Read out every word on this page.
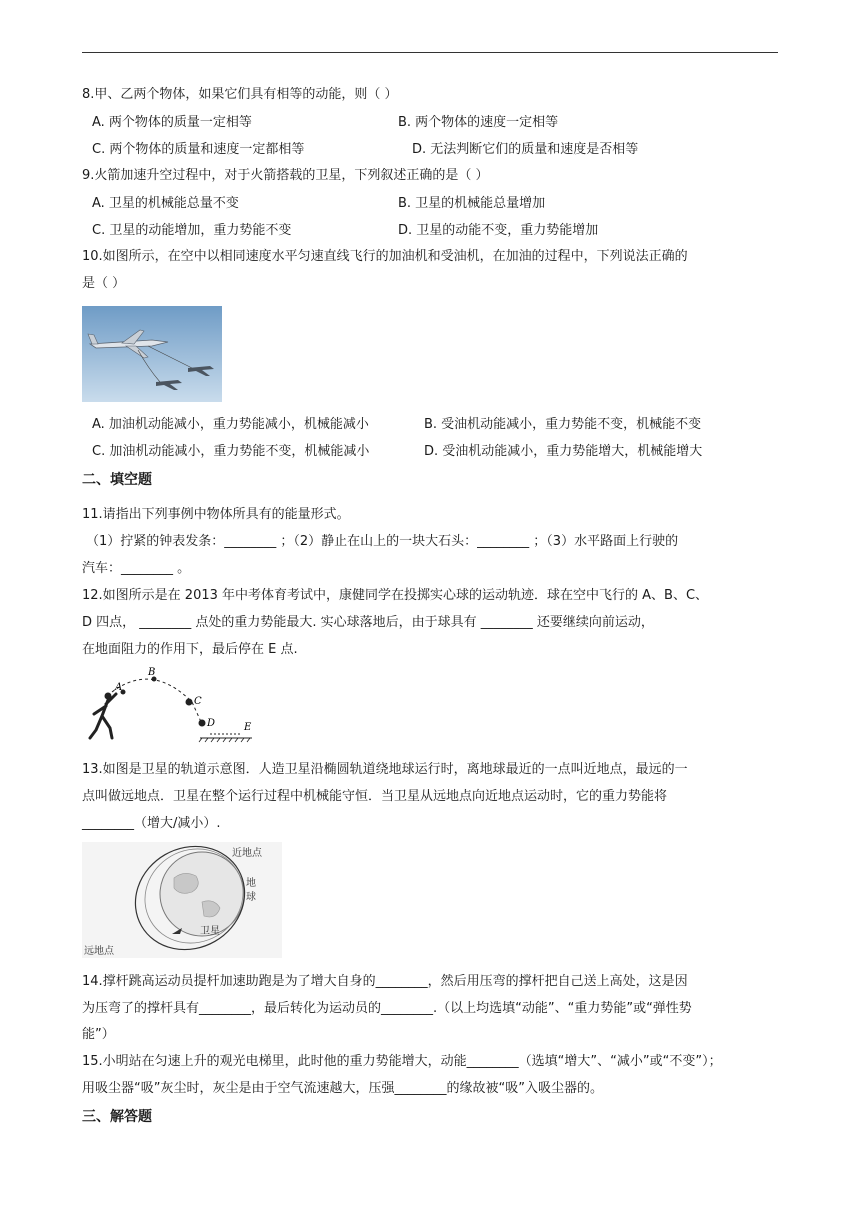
8.甲、乙两个物体，如果它们具有相等的动能，则（ ）
A. 两个物体的质量一定相等	B. 两个物体的速度一定相等
C. 两个物体的质量和速度一定都相等	D. 无法判断它们的质量和速度是否相等
9.火箭加速升空过程中，对于火箭搭载的卫星，下列叙述正确的是（ ）
A. 卫星的机械能总量不变	B. 卫星的机械能总量增加
C. 卫星的动能增加，重力势能不变	D. 卫星的动能不变，重力势能增加
10.如图所示，在空中以相同速度水平匀速直线飞行的加油机和受油机，在加油的过程中，下列说法正确的
是（ ）
A. 加油机动能减小，重力势能减小，机械能减小	B. 受油机动能减小，重力势能不变，机械能不变
C. 加油机动能减小，重力势能不变，机械能减小	D. 受油机动能减小，重力势能增大，机械能增大
二、填空题
11.请指出下列事例中物体所具有的能量形式。
（1）拧紧的钟表发条：________ ；（2）静止在山上的一块大石头：________ ；（3）水平路面上行驶的
汽车：________ 。
12.如图所示是在 2013 年中考体育考试中，康健同学在投掷实心球的运动轨迹．球在空中飞行的 A、B、C、
D 四点， ________ 点处的重力势能最大. 实心球落地后，由于球具有 ________ 还要继续向前运动，
在地面阻力的作用下，最后停在 E 点.
A
B
C
D	E
13.如图是卫星的轨道示意图．人造卫星沿椭圆轨道绕地球运行时，离地球最近的一点叫近地点，最远的一
点叫做远地点．卫星在整个运行过程中机械能守恒．当卫星从远地点向近地点运动时，它的重力势能将
________（增大/减小）.
近地点
地
球
远地点
卫星
14.撑杆跳高运动员提杆加速助跑是为了增大自身的________，然后用压弯的撑杆把自己送上高处，这是因
为压弯了的撑杆具有________，最后转化为运动员的________.（以上均选填“动能”、“重力势能”或“弹性势
能”）
15.小明站在匀速上升的观光电梯里，此时他的重力势能增大，动能________（选填“增大”、“减小”或“不变”）；
用吸尘器“吸”灰尘时，灰尘是由于空气流速越大，压强________的缘故被“吸”入吸尘器的。
三、解答题
